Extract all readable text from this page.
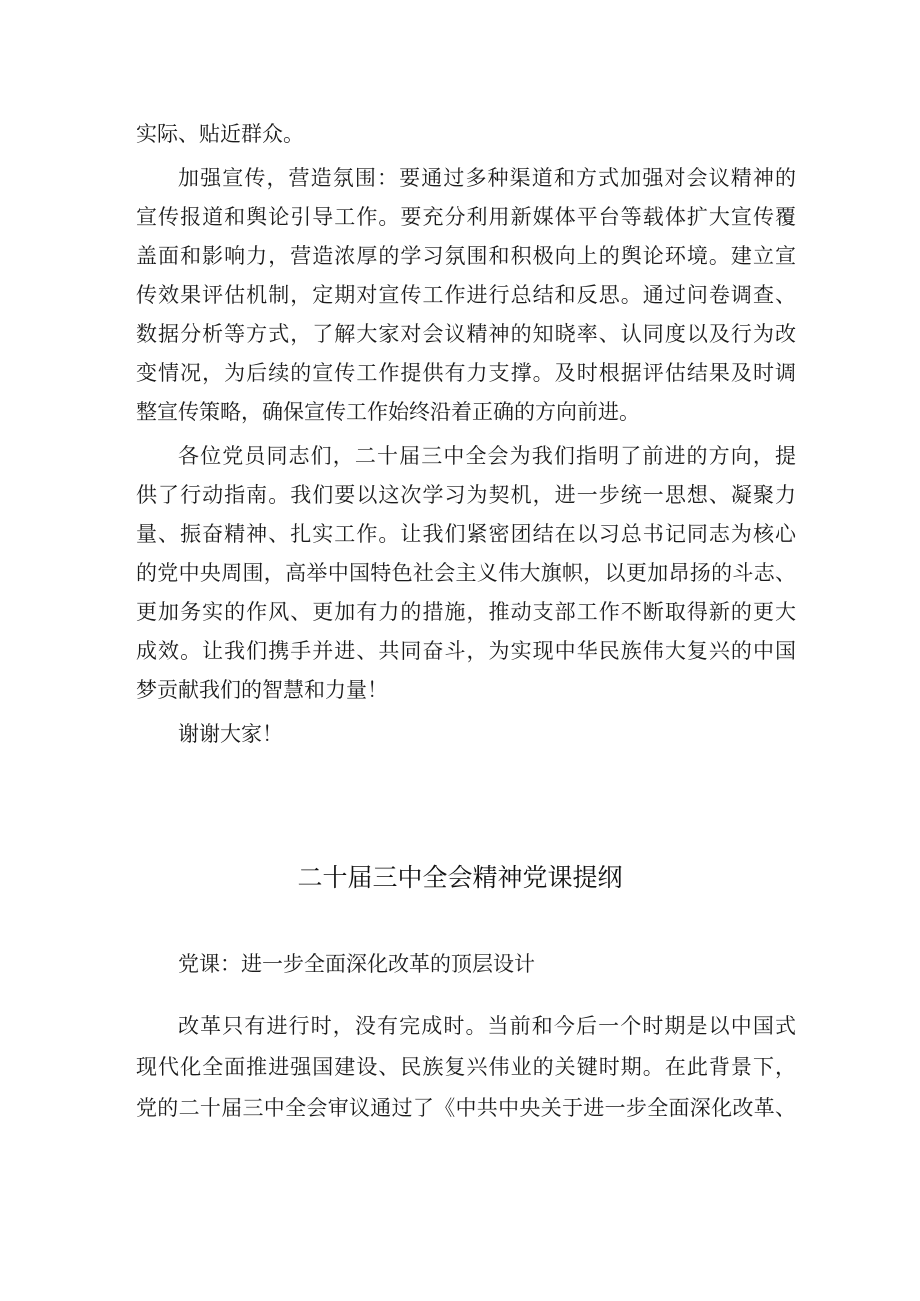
实际、贴近群众。
加强宣传，营造氛围：要通过多种渠道和方式加强对会议精神的
宣传报道和舆论引导工作。要充分利用新媒体平台等载体扩大宣传覆
盖面和影响力，营造浓厚的学习氛围和积极向上的舆论环境。建立宣
传效果评估机制，定期对宣传工作进行总结和反思。通过问卷调查、
数据分析等方式，了解大家对会议精神的知晓率、认同度以及行为改
变情况，为后续的宣传工作提供有力支撑。及时根据评估结果及时调
整宣传策略，确保宣传工作始终沿着正确的方向前进。
各位党员同志们，二十届三中全会为我们指明了前进的方向，提
供了行动指南。我们要以这次学习为契机，进一步统一思想、凝聚力
量、振奋精神、扎实工作。让我们紧密团结在以习总书记同志为核心
的党中央周围，高举中国特色社会主义伟大旗帜，以更加昂扬的斗志、
更加务实的作风、更加有力的措施，推动支部工作不断取得新的更大
成效。让我们携手并进、共同奋斗，为实现中华民族伟大复兴的中国
梦贡献我们的智慧和力量！
谢谢大家！
二十届三中全会精神党课提纲
党课：进一步全面深化改革的顶层设计
改革只有进行时，没有完成时。当前和今后一个时期是以中国式
现代化全面推进强国建设、民族复兴伟业的关键时期。在此背景下，
党的二十届三中全会审议通过了《中共中央关于进一步全面深化改革、
